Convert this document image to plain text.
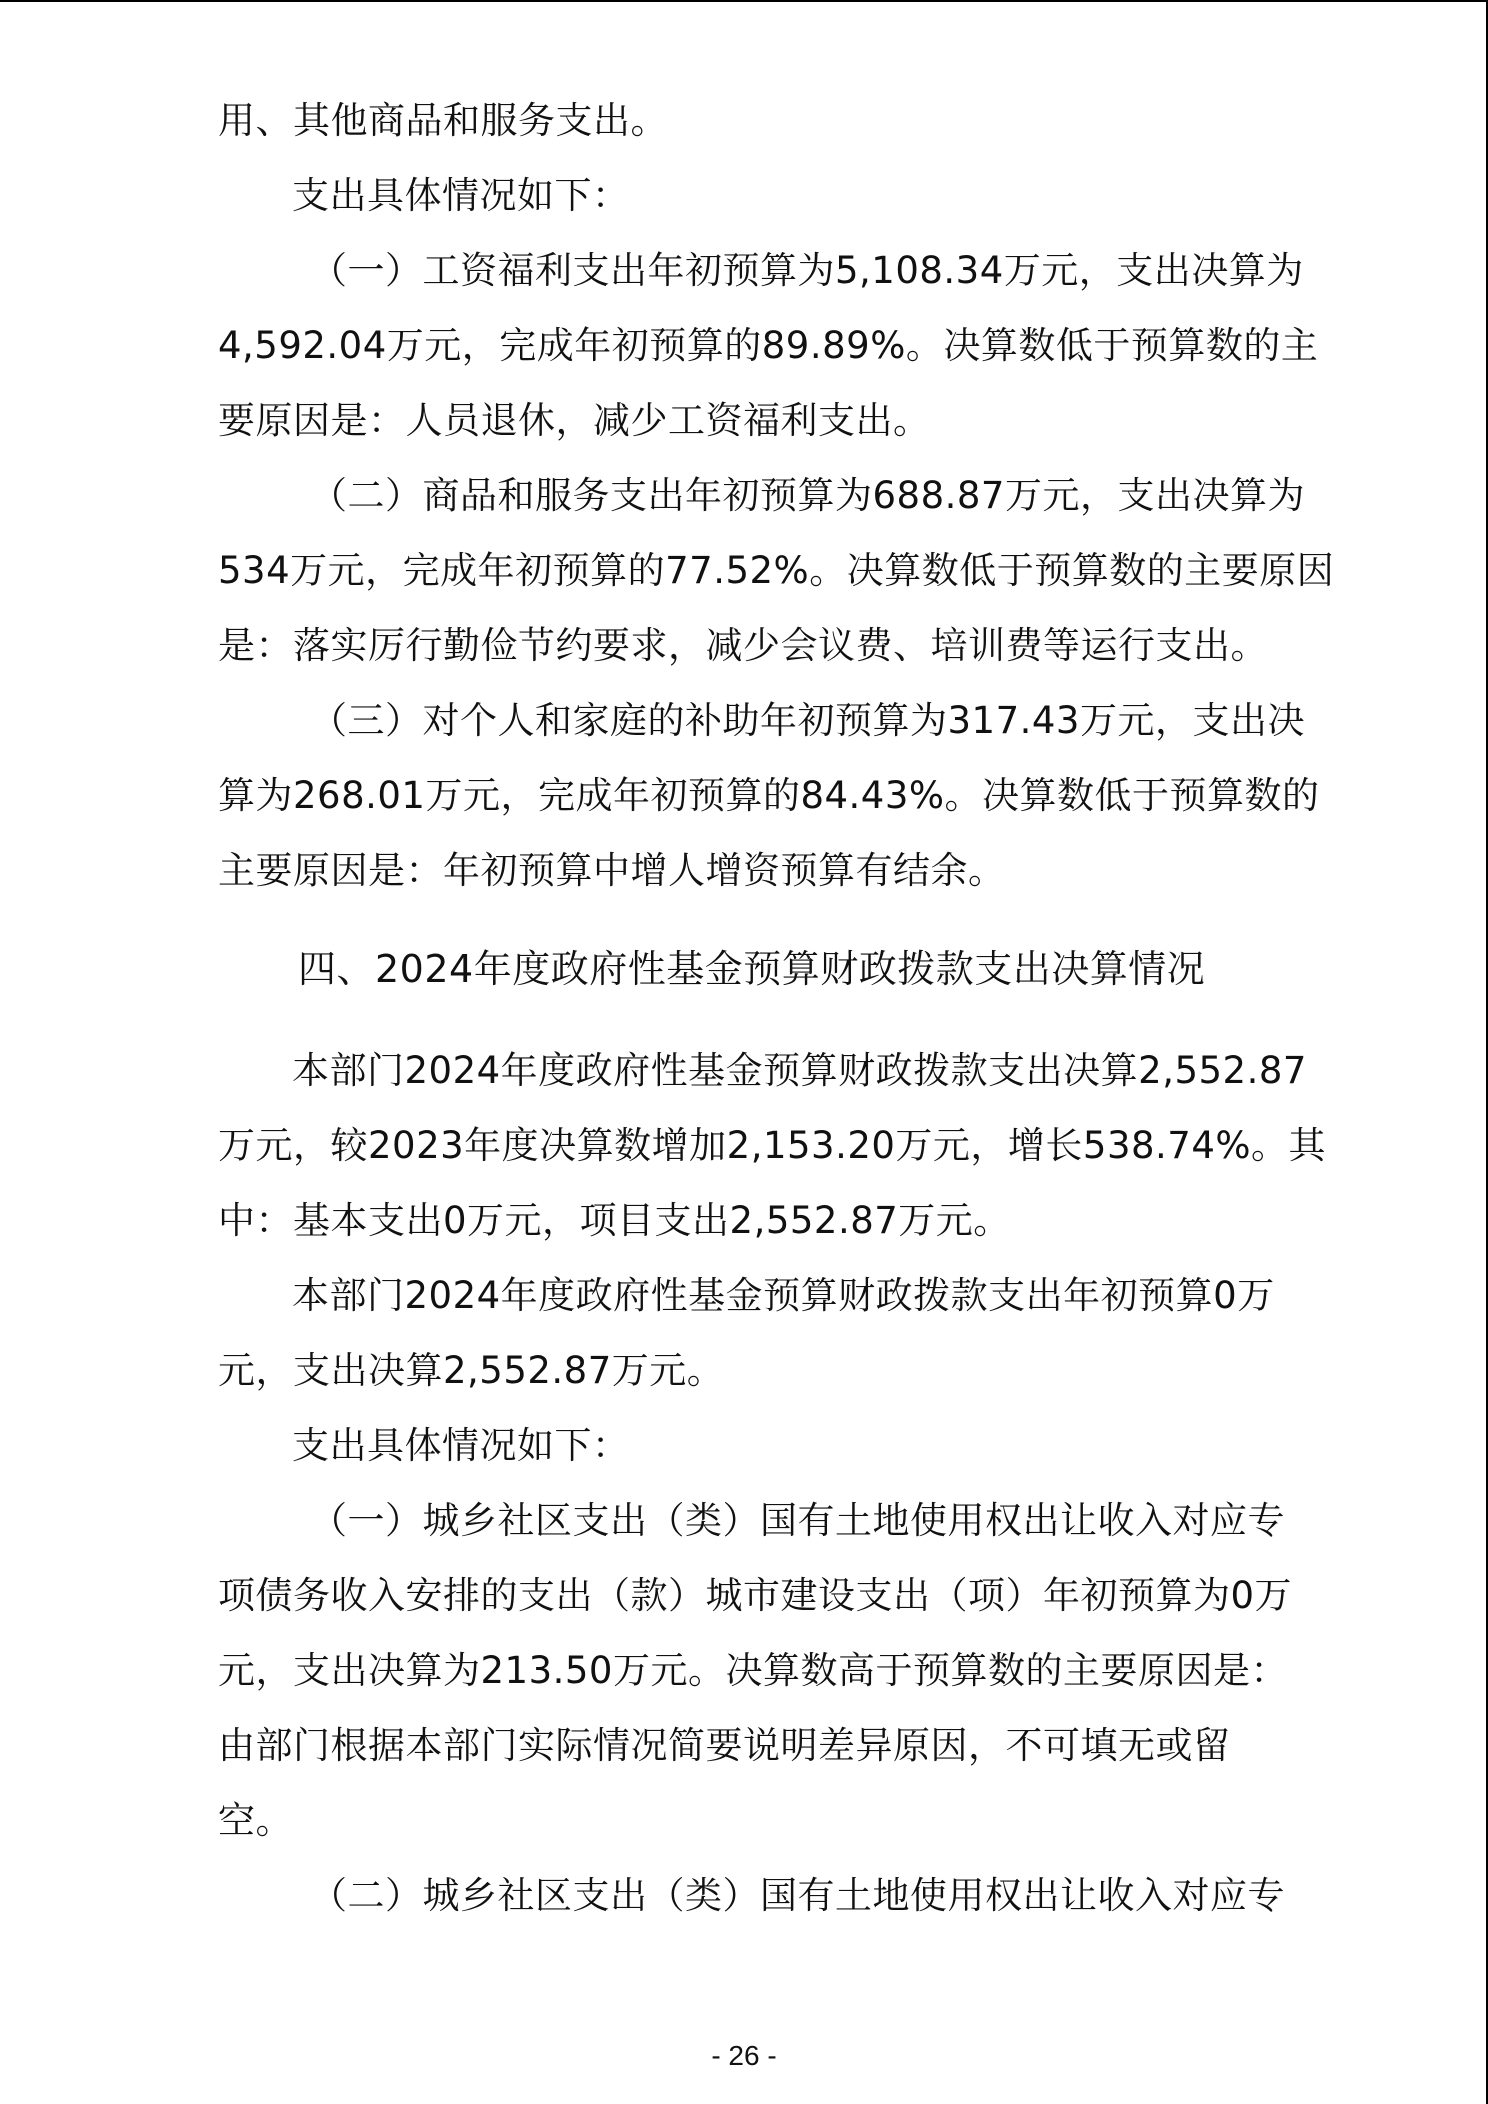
用、其他商品和服务支出。
支出具体情况如下：
（一）工资福利支出年初预算为5,108.34万元，支出决算为
4,592.04万元，完成年初预算的89.89%。决算数低于预算数的主
要原因是：人员退休，减少工资福利支出。
（二）商品和服务支出年初预算为688.87万元，支出决算为
534万元，完成年初预算的77.52%。决算数低于预算数的主要原因
是：落实厉行勤俭节约要求，减少会议费、培训费等运行支出。
（三）对个人和家庭的补助年初预算为317.43万元，支出决
算为268.01万元，完成年初预算的84.43%。决算数低于预算数的
主要原因是：年初预算中增人增资预算有结余。
四、2024年度政府性基金预算财政拨款支出决算情况
本部门2024年度政府性基金预算财政拨款支出决算2,552.87
万元，较2023年度决算数增加2,153.20万元，增长538.74%。其
中：基本支出0万元，项目支出2,552.87万元。
本部门2024年度政府性基金预算财政拨款支出年初预算0万
元，支出决算2,552.87万元。
支出具体情况如下：
（一）城乡社区支出（类）国有土地使用权出让收入对应专
项债务收入安排的支出（款）城市建设支出（项）年初预算为0万
元，支出决算为213.50万元。决算数高于预算数的主要原因是：
由部门根据本部门实际情况简要说明差异原因，不可填无或留
空。
（二）城乡社区支出（类）国有土地使用权出让收入对应专
- 26 -
